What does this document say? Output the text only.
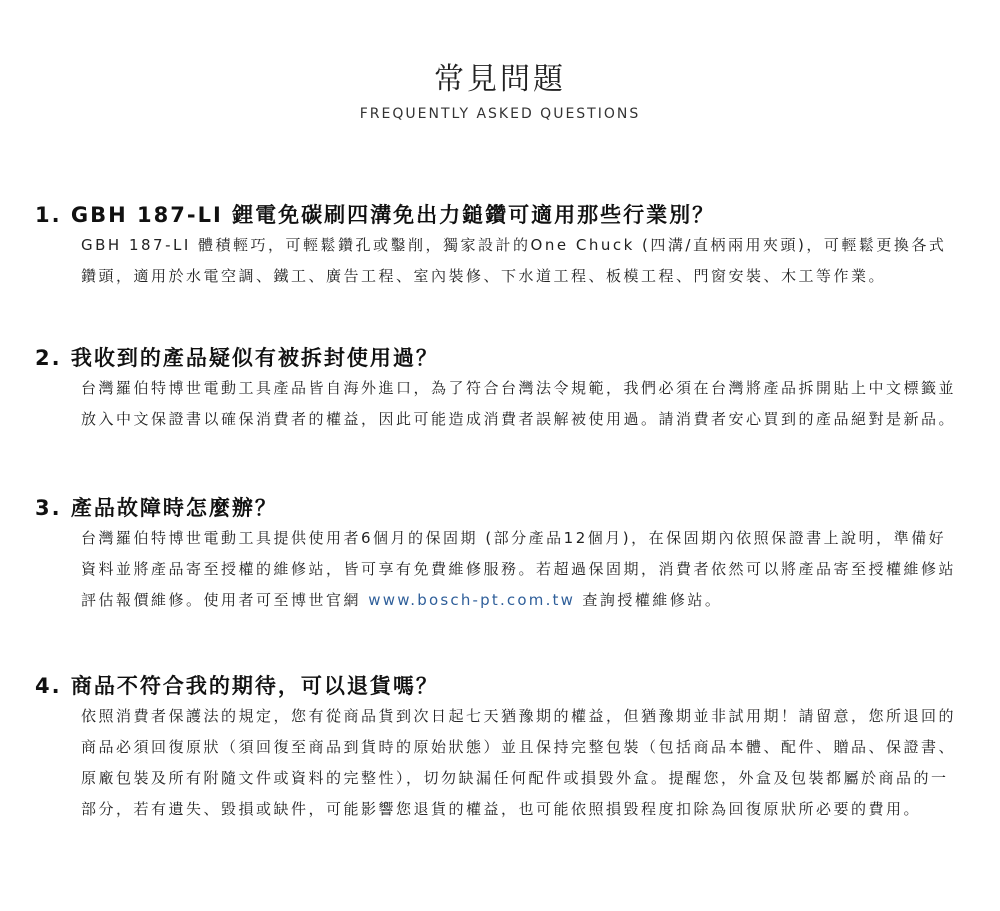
常見問題
FREQUENTLY ASKED QUESTIONS
1. GBH 187-LI 鋰電免碳刷四溝免出力鎚鑽可適用那些行業別？

GBH 187-LI 體積輕巧，可輕鬆鑽孔或鑿削，獨家設計的One Chuck (四溝/直柄兩用夾頭)，可輕鬆更換各式鑽頭，適用於水電空調、鐵工、廣告工程、室內裝修、下水道工程、板模工程、門窗安裝、木工等作業。

2. 我收到的產品疑似有被拆封使用過？

台灣羅伯特博世電動工具產品皆自海外進口，為了符合台灣法令規範，我們必須在台灣將產品拆開貼上中文標籤並放入中文保證書以確保消費者的權益，因此可能造成消費者誤解被使用過。請消費者安心買到的產品絕對是新品。

3. 產品故障時怎麼辦？

台灣羅伯特博世電動工具提供使用者6個月的保固期 (部分產品12個月)，在保固期內依照保證書上說明，準備好資料並將產品寄至授權的維修站，皆可享有免費維修服務。若超過保固期，消費者依然可以將產品寄至授權維修站評估報價維修。使用者可至博世官網 www.bosch-pt.com.tw 查詢授權維修站。

4. 商品不符合我的期待，可以退貨嗎？

依照消費者保護法的規定，您有從商品貨到次日起七天猶豫期的權益，但猶豫期並非試用期！請留意，您所退回的商品必須回復原狀（須回復至商品到貨時的原始狀態）並且保持完整包裝（包括商品本體、配件、贈品、保證書、原廠包裝及所有附隨文件或資料的完整性），切勿缺漏任何配件或損毀外盒。提醒您，外盒及包裝都屬於商品的一部分，若有遺失、毀損或缺件，可能影響您退貨的權益，也可能依照損毀程度扣除為回復原狀所必要的費用。
